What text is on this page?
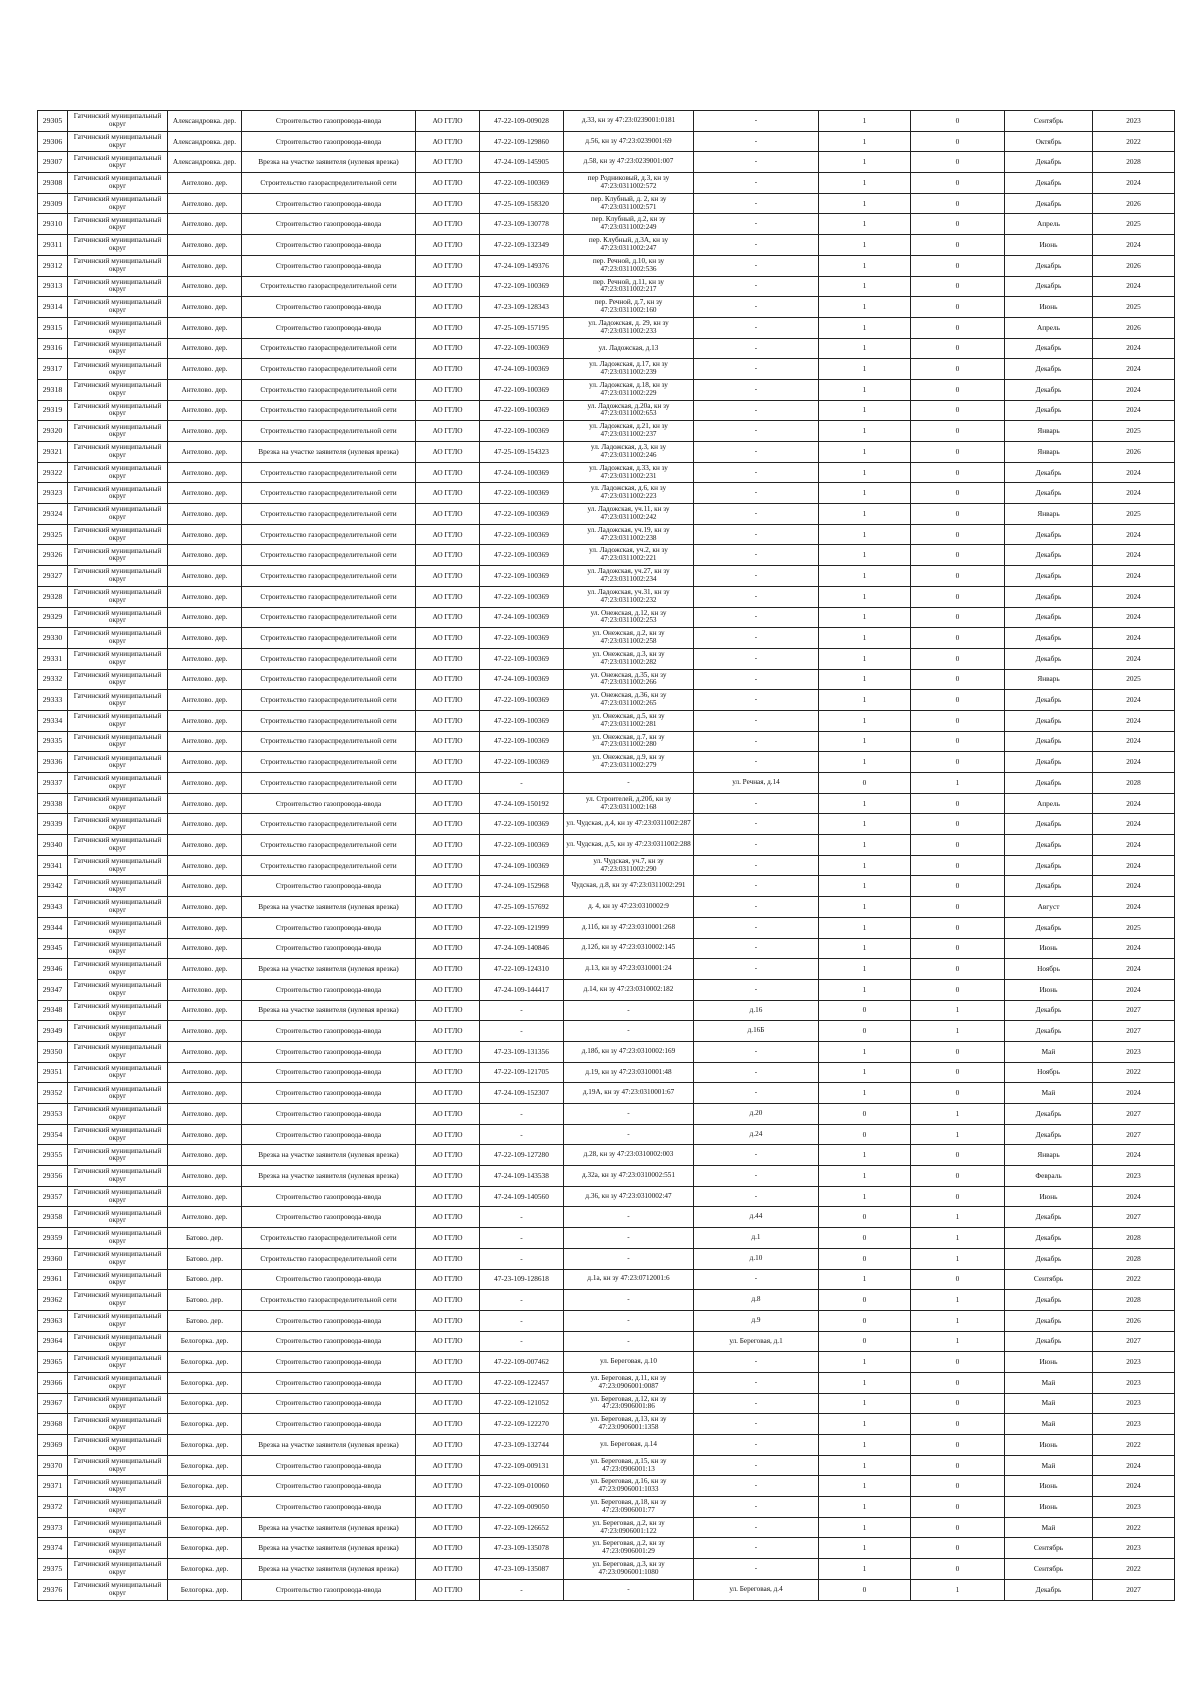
29305	Гатчинский муниципальный округ	Александровка. дер.	Строительство газопровода-ввода	АО ГГЛО	47-22-109-009028	д.33, кн зу 47:23:0239001:0181	-	1	0	Сентябрь	2023
29306	Гатчинский муниципальный округ	Александровка. дер.	Строительство газопровода-ввода	АО ГГЛО	47-22-109-129860	д.56, кн зу 47:23:0239001:69	-	1	0	Октябрь	2022
29307	Гатчинский муниципальный округ	Александровка. дер.	Врезка на участке заявителя (нулевая врезка)	АО ГГЛО	47-24-109-145905	д.58, кн зу 47:23:0239001:007	-	1	0	Декабрь	2028
29308	Гатчинский муниципальный округ	Антелово. дер.	Строительство газораспределительной сети	АО ГГЛО	47-22-109-100369	пер Родниковый, д.3, кн зу 47:23:0311002:572	-	1	0	Декабрь	2024
29309	Гатчинский муниципальный округ	Антелово. дер.	Строительство газопровода-ввода	АО ГГЛО	47-25-109-158320	пер. Клубный, д. 2, кн зу 47:23:0311002:571	-	1	0	Декабрь	2026
29310	Гатчинский муниципальный округ	Антелово. дер.	Строительство газопровода-ввода	АО ГГЛО	47-23-109-130778	пер. Клубный, д.2, кн зу 47:23:0311002:249	-	1	0	Апрель	2025
29311	Гатчинский муниципальный округ	Антелово. дер.	Строительство газопровода-ввода	АО ГГЛО	47-22-109-132349	пер. Клубный, д.3А, кн зу 47:23:0311002:247	-	1	0	Июнь	2024
29312	Гатчинский муниципальный округ	Антелово. дер.	Строительство газопровода-ввода	АО ГГЛО	47-24-109-149376	пер. Речной, д.10, кн зу 47:23:0311002:536	-	1	0	Декабрь	2026
29313	Гатчинский муниципальный округ	Антелово. дер.	Строительство газораспределительной сети	АО ГГЛО	47-22-109-100369	пер. Речной, д.11, кн зу 47:23:0311002:217	-	1	0	Декабрь	2024
29314	Гатчинский муниципальный округ	Антелово. дер.	Строительство газопровода-ввода	АО ГГЛО	47-23-109-128343	пер. Речной, д.7, кн зу 47:23:0311002:160	-	1	0	Июнь	2025
29315	Гатчинский муниципальный округ	Антелово. дер.	Строительство газопровода-ввода	АО ГГЛО	47-25-109-157195	ул. Ладожская, д. 29, кн зу 47:23:0311002:233	-	1	0	Апрель	2026
29316	Гатчинский муниципальный округ	Антелово. дер.	Строительство газораспределительной сети	АО ГГЛО	47-22-109-100369	ул. Ладожская, д.13	-	1	0	Декабрь	2024
29317	Гатчинский муниципальный округ	Антелово. дер.	Строительство газораспределительной сети	АО ГГЛО	47-24-109-100369	ул. Ладожская, д.17, кн зу 47:23:0311002:239	-	1	0	Декабрь	2024
29318	Гатчинский муниципальный округ	Антелово. дер.	Строительство газораспределительной сети	АО ГГЛО	47-22-109-100369	ул. Ладожская, д.18, кн зу 47:23:0311002:229	-	1	0	Декабрь	2024
29319	Гатчинский муниципальный округ	Антелово. дер.	Строительство газораспределительной сети	АО ГГЛО	47-22-109-100369	ул. Ладожская, д.20а, кн зу 47:23:0311002:653	-	1	0	Декабрь	2024
29320	Гатчинский муниципальный округ	Антелово. дер.	Строительство газораспределительной сети	АО ГГЛО	47-22-109-100369	ул. Ладожская, д.21, кн зу 47:23:0311002:237	-	1	0	Январь	2025
29321	Гатчинский муниципальный округ	Антелово. дер.	Врезка на участке заявителя (нулевая врезка)	АО ГГЛО	47-25-109-154323	ул. Ладожская, д.3, кн зу 47:23:0311002:246	-	1	0	Январь	2026
29322	Гатчинский муниципальный округ	Антелово. дер.	Строительство газораспределительной сети	АО ГГЛО	47-24-109-100369	ул. Ладожская, д.33, кн зу 47:23:0311002:231	-	1	0	Декабрь	2024
29323	Гатчинский муниципальный округ	Антелово. дер.	Строительство газораспределительной сети	АО ГГЛО	47-22-109-100369	ул. Ладожская, д.6, кн зу 47:23:0311002:223	-	1	0	Декабрь	2024
29324	Гатчинский муниципальный округ	Антелово. дер.	Строительство газораспределительной сети	АО ГГЛО	47-22-109-100369	ул. Ладожская, уч.11, кн зу 47:23:0311002:242	-	1	0	Январь	2025
29325	Гатчинский муниципальный округ	Антелово. дер.	Строительство газораспределительной сети	АО ГГЛО	47-22-109-100369	ул. Ладожская, уч.19, кн зу 47:23:0311002:238	-	1	0	Декабрь	2024
29326	Гатчинский муниципальный округ	Антелово. дер.	Строительство газораспределительной сети	АО ГГЛО	47-22-109-100369	ул. Ладожская, уч.2, кн зу 47:23:0311002:221	-	1	0	Декабрь	2024
29327	Гатчинский муниципальный округ	Антелово. дер.	Строительство газораспределительной сети	АО ГГЛО	47-22-109-100369	ул. Ладожская, уч.27, кн зу 47:23:0311002:234	-	1	0	Декабрь	2024
29328	Гатчинский муниципальный округ	Антелово. дер.	Строительство газораспределительной сети	АО ГГЛО	47-22-109-100369	ул. Ладожская, уч.31, кн зу 47:23:0311002:232	-	1	0	Декабрь	2024
29329	Гатчинский муниципальный округ	Антелово. дер.	Строительство газораспределительной сети	АО ГГЛО	47-24-109-100369	ул. Онежская, д.12, кн зу 47:23:0311002:253	-	1	0	Декабрь	2024
29330	Гатчинский муниципальный округ	Антелово. дер.	Строительство газораспределительной сети	АО ГГЛО	47-22-109-100369	ул. Онежская, д.2, кн зу 47:23:0311002:258	-	1	0	Декабрь	2024
29331	Гатчинский муниципальный округ	Антелово. дер.	Строительство газораспределительной сети	АО ГГЛО	47-22-109-100369	ул. Онежская, д.3, кн зу 47:23:0311002:282	-	1	0	Декабрь	2024
29332	Гатчинский муниципальный округ	Антелово. дер.	Строительство газораспределительной сети	АО ГГЛО	47-24-109-100369	ул. Онежская, д.35, кн зу 47:23:0311002:266	-	1	0	Январь	2025
29333	Гатчинский муниципальный округ	Антелово. дер.	Строительство газораспределительной сети	АО ГГЛО	47-22-109-100369	ул. Онежская, д.36, кн зу 47:23:0311002:265	-	1	0	Декабрь	2024
29334	Гатчинский муниципальный округ	Антелово. дер.	Строительство газораспределительной сети	АО ГГЛО	47-22-109-100369	ул. Онежская, д.5, кн зу 47:23:0311002:281	-	1	0	Декабрь	2024
29335	Гатчинский муниципальный округ	Антелово. дер.	Строительство газораспределительной сети	АО ГГЛО	47-22-109-100369	ул. Онежская, д.7, кн зу 47:23:0311002:280	-	1	0	Декабрь	2024
29336	Гатчинский муниципальный округ	Антелово. дер.	Строительство газораспределительной сети	АО ГГЛО	47-22-109-100369	ул. Онежская, д.9, кн зу 47:23:0311002:279	-	1	0	Декабрь	2024
29337	Гатчинский муниципальный округ	Антелово. дер.	Строительство газораспределительной сети	АО ГГЛО	-	-	ул. Речная, д.14	0	1	Декабрь	2028
29338	Гатчинский муниципальный округ	Антелово. дер.	Строительство газопровода-ввода	АО ГГЛО	47-24-109-150192	ул. Строителей, д.20б, кн зу 47:23:0311002:168	-	1	0	Апрель	2024
29339	Гатчинский муниципальный округ	Антелово. дер.	Строительство газораспределительной сети	АО ГГЛО	47-22-109-100369	ул. Чудская, д.4, кн зу 47:23:0311002:287	-	1	0	Декабрь	2024
29340	Гатчинский муниципальный округ	Антелово. дер.	Строительство газораспределительной сети	АО ГГЛО	47-22-109-100369	ул. Чудская, д.5, кн зу 47:23:0311002:288	-	1	0	Декабрь	2024
29341	Гатчинский муниципальный округ	Антелово. дер.	Строительство газораспределительной сети	АО ГГЛО	47-24-109-100369	ул. Чудская, уч.7, кн зу 47:23:0311002:290	-	1	0	Декабрь	2024
29342	Гатчинский муниципальный округ	Антелово. дер.	Строительство газопровода-ввода	АО ГГЛО	47-24-109-152968	Чудская, д.8, кн зу 47:23:0311002:291	-	1	0	Декабрь	2024
29343	Гатчинский муниципальный округ	Антелово. дер.	Врезка на участке заявителя (нулевая врезка)	АО ГГЛО	47-25-109-157692	д. 4, кн зу 47:23:0310002:9	-	1	0	Август	2024
29344	Гатчинский муниципальный округ	Антелово. дер.	Строительство газопровода-ввода	АО ГГЛО	47-22-109-121999	д.11б, кн зу 47:23:0310001:268	-	1	0	Декабрь	2025
29345	Гатчинский муниципальный округ	Антелово. дер.	Строительство газопровода-ввода	АО ГГЛО	47-24-109-140846	д.12б, кн зу 47:23:0310002:145	-	1	0	Июнь	2024
29346	Гатчинский муниципальный округ	Антелово. дер.	Врезка на участке заявителя (нулевая врезка)	АО ГГЛО	47-22-109-124310	д.13, кн зу 47:23:0310001:24	-	1	0	Ноябрь	2024
29347	Гатчинский муниципальный округ	Антелово. дер.	Строительство газопровода-ввода	АО ГГЛО	47-24-109-144417	д.14, кн зу 47:23:0310002:182	-	1	0	Июнь	2024
29348	Гатчинский муниципальный округ	Антелово. дер.	Врезка на участке заявителя (нулевая врезка)	АО ГГЛО	-	-	д.16	0	1	Декабрь	2027
29349	Гатчинский муниципальный округ	Антелово. дер.	Строительство газопровода-ввода	АО ГГЛО	-	-	д.16Б	0	1	Декабрь	2027
29350	Гатчинский муниципальный округ	Антелово. дер.	Строительство газопровода-ввода	АО ГГЛО	47-23-109-131356	д.18б, кн зу 47:23:0310002:169	-	1	0	Май	2023
29351	Гатчинский муниципальный округ	Антелово. дер.	Строительство газопровода-ввода	АО ГГЛО	47-22-109-121705	д.19, кн зу 47:23:0310001:48	-	1	0	Ноябрь	2022
29352	Гатчинский муниципальный округ	Антелово. дер.	Строительство газопровода-ввода	АО ГГЛО	47-24-109-152307	д.19А, кн зу 47:23:0310001:67	-	1	0	Май	2024
29353	Гатчинский муниципальный округ	Антелово. дер.	Строительство газопровода-ввода	АО ГГЛО	-	-	д.20	0	1	Декабрь	2027
29354	Гатчинский муниципальный округ	Антелово. дер.	Строительство газопровода-ввода	АО ГГЛО	-	-	д.24	0	1	Декабрь	2027
29355	Гатчинский муниципальный округ	Антелово. дер.	Врезка на участке заявителя (нулевая врезка)	АО ГГЛО	47-22-109-127280	д.28, кн зу 47:23:0310002:003	-	1	0	Январь	2024
29356	Гатчинский муниципальный округ	Антелово. дер.	Врезка на участке заявителя (нулевая врезка)	АО ГГЛО	47-24-109-143538	д.32а, кн зу 47:23:0310002:551	-	1	0	Февраль	2023
29357	Гатчинский муниципальный округ	Антелово. дер.	Строительство газопровода-ввода	АО ГГЛО	47-24-109-140560	д.36, кн зу 47:23:0310002:47	-	1	0	Июнь	2024
29358	Гатчинский муниципальный округ	Антелово. дер.	Строительство газопровода-ввода	АО ГГЛО	-	-	д.44	0	1	Декабрь	2027
29359	Гатчинский муниципальный округ	Батово. дер.	Строительство газораспределительной сети	АО ГГЛО	-	-	д.1	0	1	Декабрь	2028
29360	Гатчинский муниципальный округ	Батово. дер.	Строительство газораспределительной сети	АО ГГЛО	-	-	д.10	0	1	Декабрь	2028
29361	Гатчинский муниципальный округ	Батово. дер.	Строительство газопровода-ввода	АО ГГЛО	47-23-109-128618	д.1а, кн зу 47:23:0712001:6	-	1	0	Сентябрь	2022
29362	Гатчинский муниципальный округ	Батово. дер.	Строительство газораспределительной сети	АО ГГЛО	-	-	д.8	0	1	Декабрь	2028
29363	Гатчинский муниципальный округ	Батово. дер.	Строительство газопровода-ввода	АО ГГЛО	-	-	д.9	0	1	Декабрь	2026
29364	Гатчинский муниципальный округ	Белогорка. дер.	Строительство газопровода-ввода	АО ГГЛО	-	-	ул. Береговая, д.1	0	1	Декабрь	2027
29365	Гатчинский муниципальный округ	Белогорка. дер.	Строительство газопровода-ввода	АО ГГЛО	47-22-109-007462	ул. Береговая, д.10	-	1	0	Июнь	2023
29366	Гатчинский муниципальный округ	Белогорка. дер.	Строительство газопровода-ввода	АО ГГЛО	47-22-109-122457	ул. Береговая, д.11, кн зу 47:23:0906001:0087	-	1	0	Май	2023
29367	Гатчинский муниципальный округ	Белогорка. дер.	Строительство газопровода-ввода	АО ГГЛО	47-22-109-121052	ул. Береговая, д.12, кн зу 47:23:0906001:86	-	1	0	Май	2023
29368	Гатчинский муниципальный округ	Белогорка. дер.	Строительство газопровода-ввода	АО ГГЛО	47-22-109-122270	ул. Береговая, д.13, кн зу 47:23:0906001:1358	-	1	0	Май	2023
29369	Гатчинский муниципальный округ	Белогорка. дер.	Врезка на участке заявителя (нулевая врезка)	АО ГГЛО	47-23-109-132744	ул. Береговая, д.14	-	1	0	Июнь	2022
29370	Гатчинский муниципальный округ	Белогорка. дер.	Строительство газопровода-ввода	АО ГГЛО	47-22-109-009131	ул. Береговая, д.15, кн зу 47:23:0906001:13	-	1	0	Май	2024
29371	Гатчинский муниципальный округ	Белогорка. дер.	Строительство газопровода-ввода	АО ГГЛО	47-22-109-010060	ул. Береговая, д.16, кн зу 47:23:0906001:1033	-	1	0	Июнь	2024
29372	Гатчинский муниципальный округ	Белогорка. дер.	Строительство газопровода-ввода	АО ГГЛО	47-22-109-009050	ул. Береговая, д.18, кн зу 47:23:0906001:77	-	1	0	Июнь	2023
29373	Гатчинский муниципальный округ	Белогорка. дер.	Врезка на участке заявителя (нулевая врезка)	АО ГГЛО	47-22-109-126652	ул. Береговая, д.2, кн зу 47:23:0906001:122	-	1	0	Май	2022
29374	Гатчинский муниципальный округ	Белогорка. дер.	Врезка на участке заявителя (нулевая врезка)	АО ГГЛО	47-23-109-135078	ул. Береговая, д.2, кн зу 47:23:0906001:29	-	1	0	Сентябрь	2023
29375	Гатчинский муниципальный округ	Белогорка. дер.	Врезка на участке заявителя (нулевая врезка)	АО ГГЛО	47-23-109-135087	ул. Береговая, д.3, кн зу 47:23:0906001:1080	-	1	0	Сентябрь	2022
29376	Гатчинский муниципальный округ	Белогорка. дер.	Строительство газопровода-ввода	АО ГГЛО	-	-	ул. Береговая, д.4	0	1	Декабрь	2027
